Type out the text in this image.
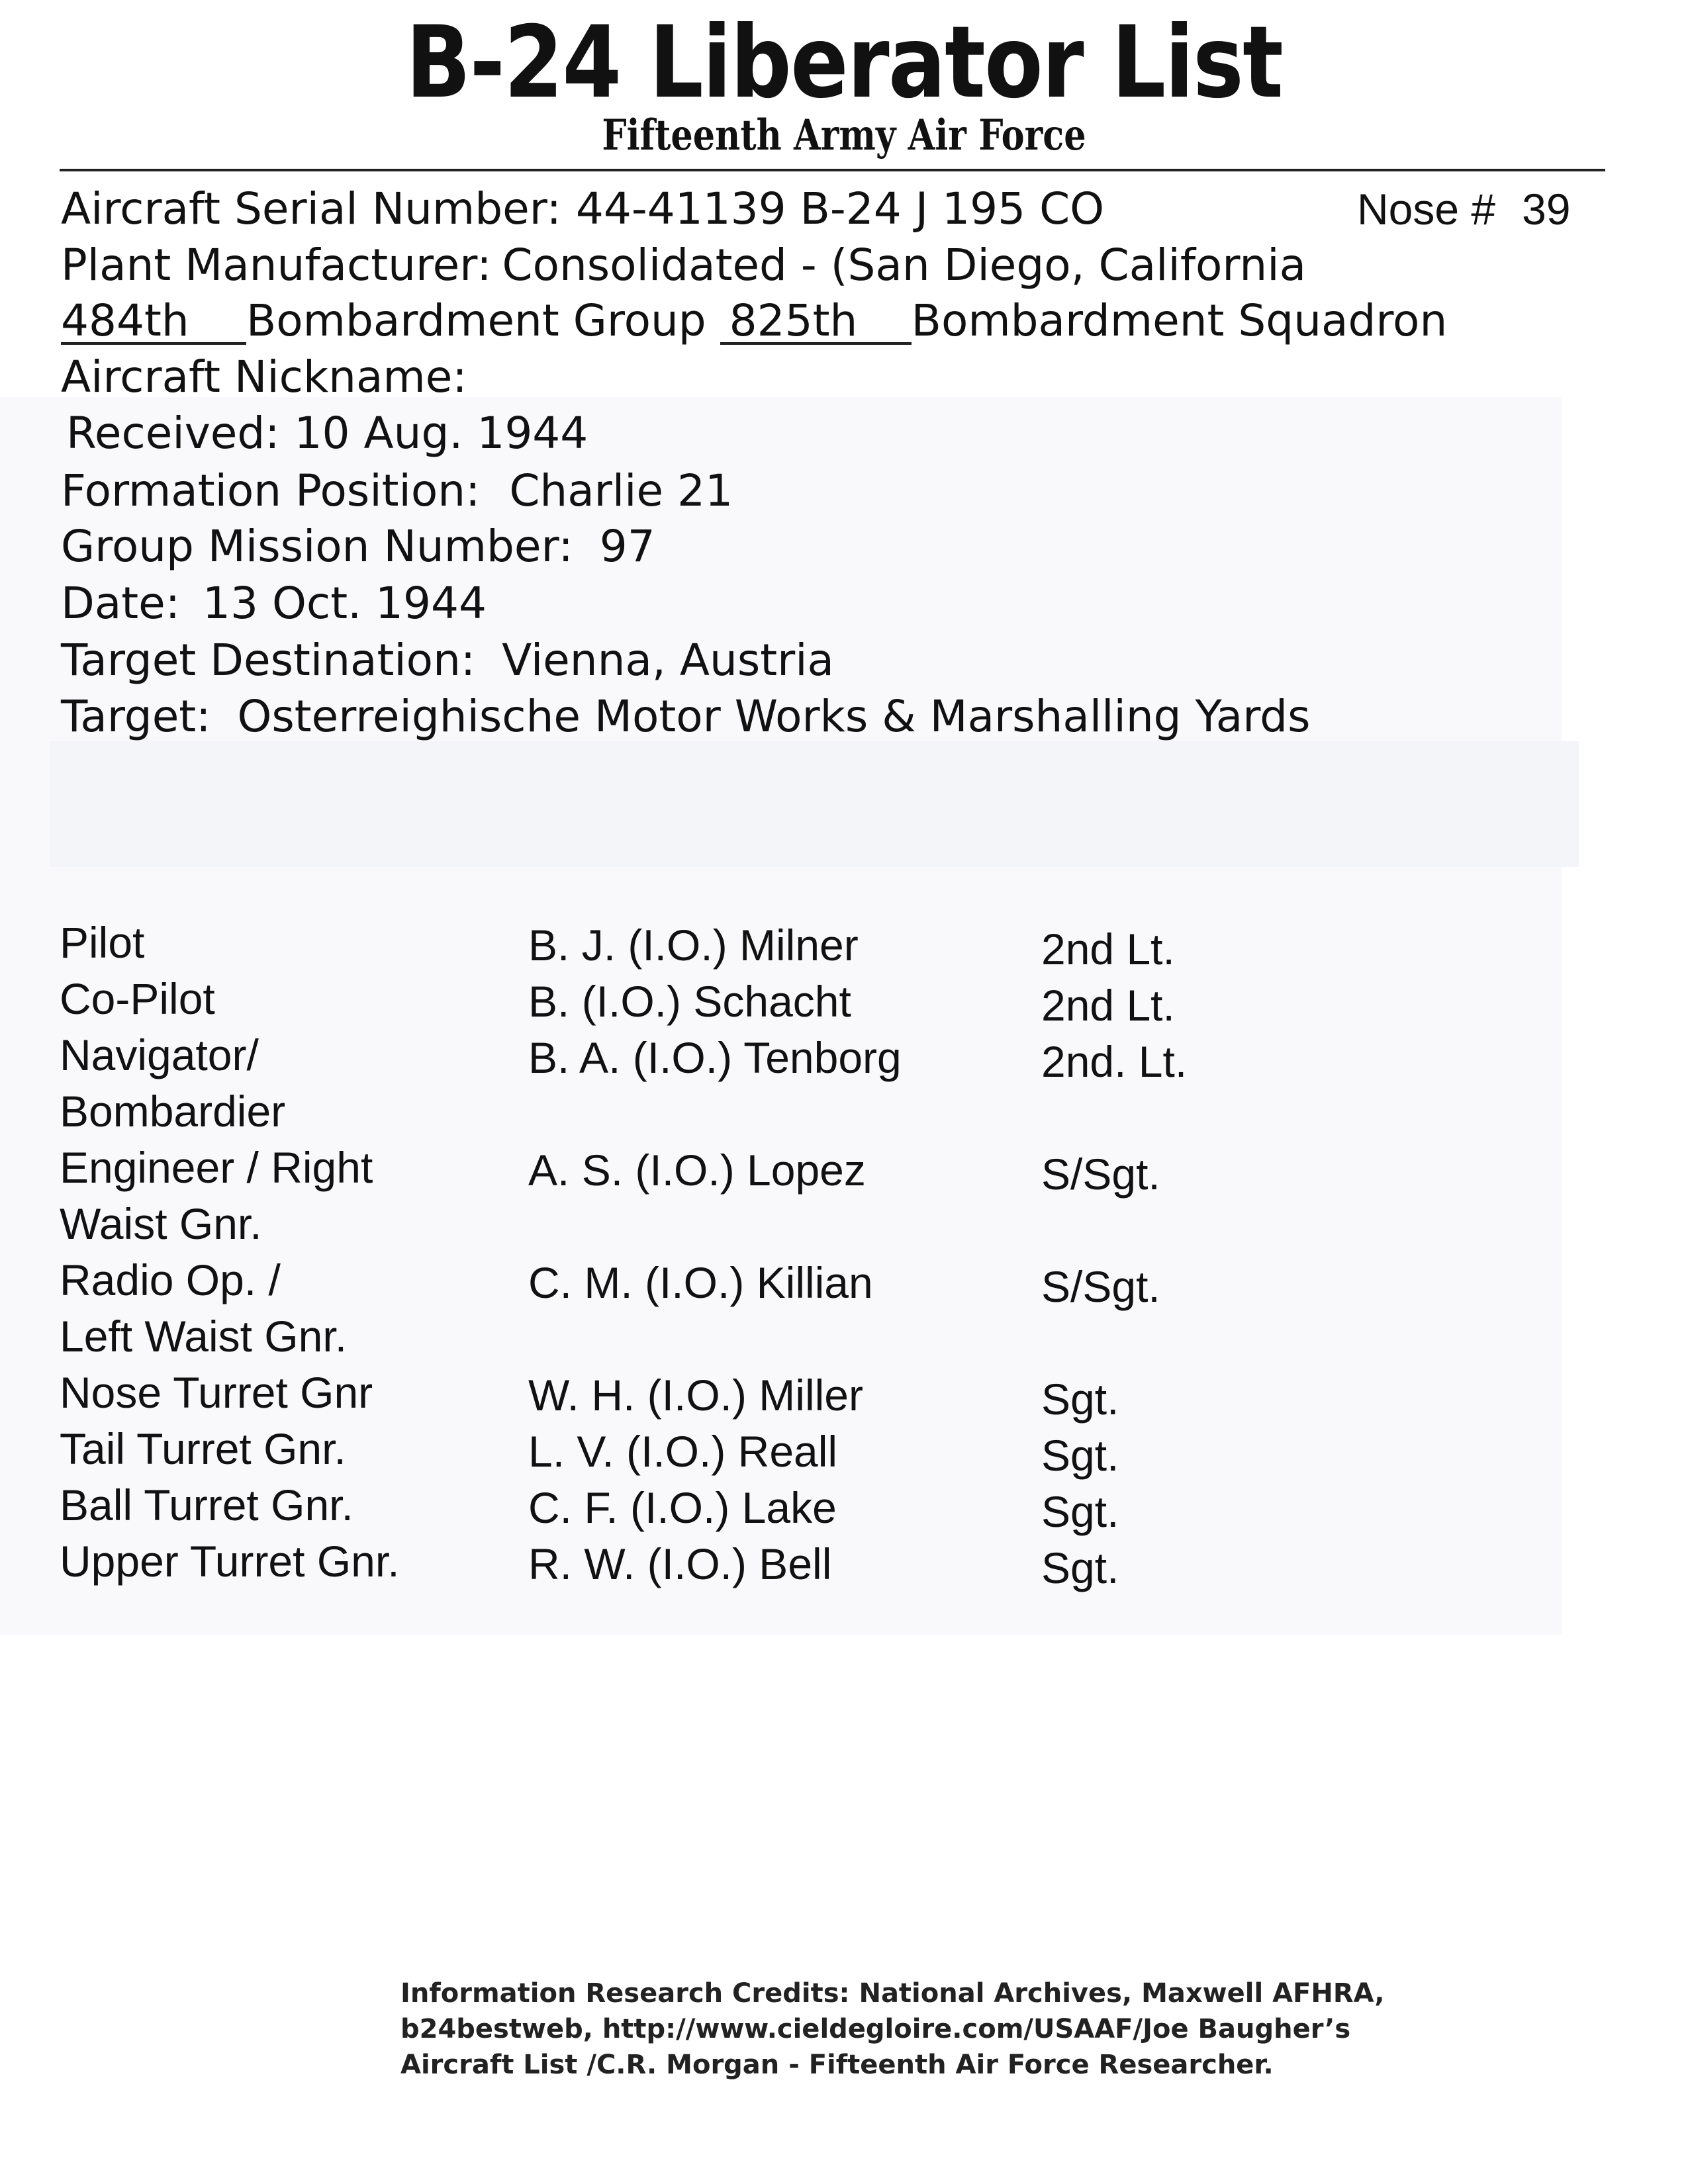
B-24 Liberator List
Fifteenth Army Air Force
Aircraft Serial Number: 44-41139 B-24 J 195 CO	Nose # 39
Plant Manufacturer: Consolidated - (San Diego, California
484th Bombardment Group 825th Bombardment Squadron
Aircraft Nickname:
Received: 10 Aug. 1944
Formation Position: Charlie 21
Group Mission Number: 97
Date: 13 Oct. 1944
Target Destination: Vienna, Austria
Target: Osterreighische Motor Works & Marshalling Yards
Pilot
Co-Pilot
Navigator/
Bombardier
Engineer / Right
Waist Gnr.
Radio Op. /
Left Waist Gnr.
Nose Turret Gnr
Tail Turret Gnr.
Ball Turret Gnr.
Upper Turret Gnr.
B. J. (I.O.) Milner
B. (I.O.) Schacht
B. A. (I.O.) Tenborg
A. S. (I.O.) Lopez
C. M. (I.O.) Killian
W. H. (I.O.) Miller
L. V. (I.O.) Reall
C. F. (I.O.) Lake
R. W. (I.O.) Bell
2nd Lt.
2nd Lt.
2nd. Lt.
S/Sgt.
S/Sgt.
Sgt.
Sgt.
Sgt.
Sgt.
Information Research Credits: National Archives, Maxwell AFHRA,
b24bestweb, http://www.cieldegloire.com/USAAF/Joe Baugher’s
Aircraft List /C.R. Morgan - Fifteenth Air Force Researcher.
